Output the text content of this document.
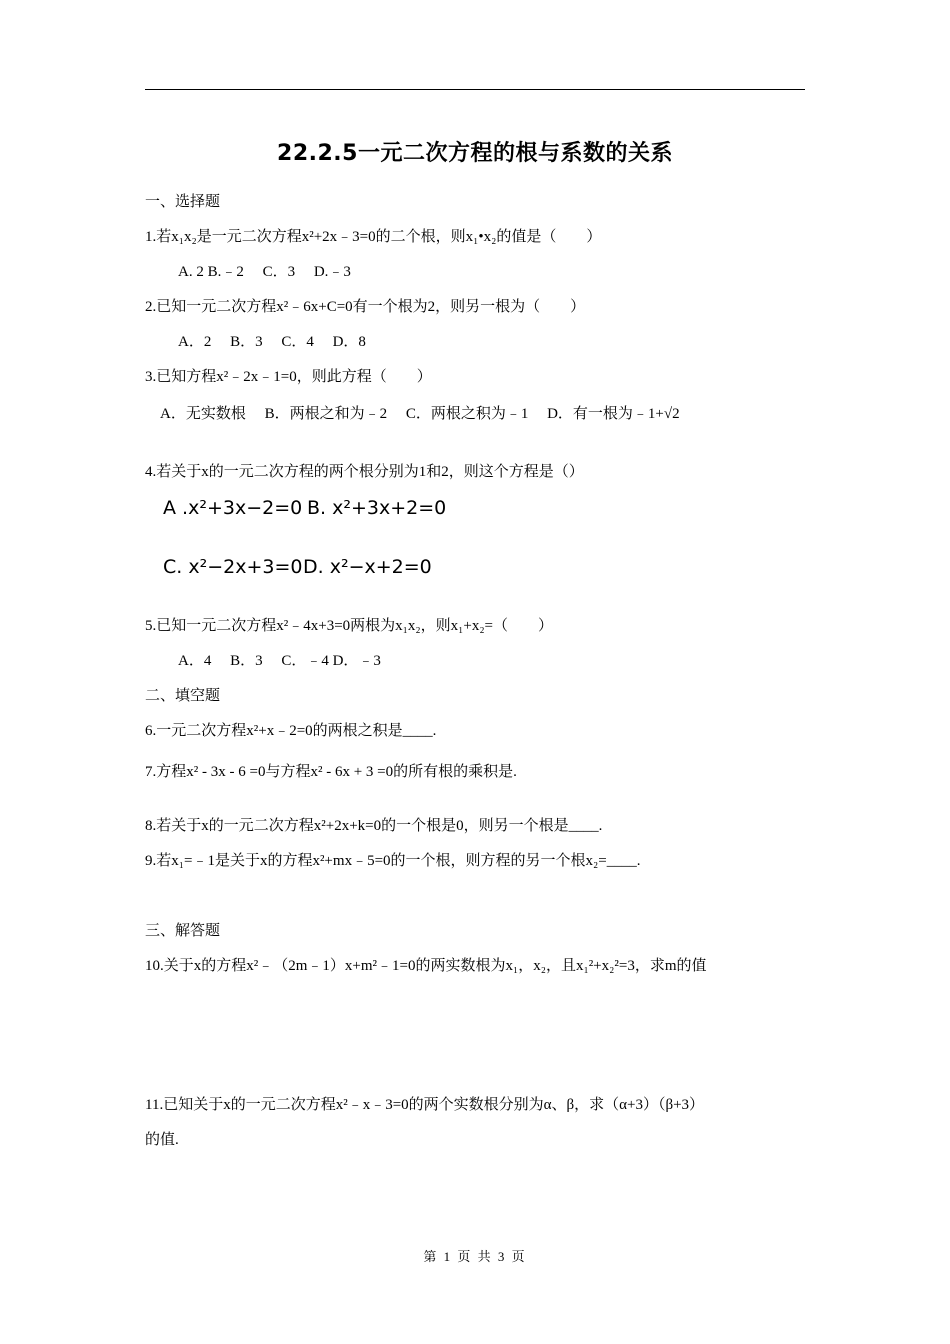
22.2.5一元二次方程的根与系数的关系
一、选择题
1.若x₁x₂是一元二次方程x²+2x﹣3=0的二个根，则x₁•x₂的值是（　　）
A. 2 B.﹣2　 C．3　 D.﹣3
2.已知一元二次方程x²﹣6x+C=0有一个根为2，则另一根为（　　）
A．2　 B．3　 C．4　 D．8
3.已知方程x²﹣2x﹣1=0，则此方程（　　）
A．无实数根　 B．两根之和为﹣2　 C．两根之积为﹣1　 D．有一根为﹣1+√2
4.若关于x的一元二次方程的两个根分别为1和2，则这个方程是（）
A .x²+3x−2=0 B. x²+3x+2=0
C. x²−2x+3=0 D. x²−x+2=0
5.已知一元二次方程x²﹣4x+3=0两根为x₁x₂，则x₁+x₂=（　　）
A．4　 B．3　 C．﹣4 D．﹣3
二、填空题
6.一元二次方程x²+x﹣2=0的两根之积是____.
7.方程x² - 3x - 6 =0与方程x² - 6x + 3 =0的所有根的乘积是.
8.若关于x的一元二次方程x²+2x+k=0的一个根是0，则另一个根是____.
9.若x₁=﹣1是关于x的方程x²+mx﹣5=0的一个根，则方程的另一个根x₂=____.
三、解答题
10.关于x的方程x²﹣（2m﹣1）x+m²﹣1=0的两实数根为x₁，x₂，且x₁²+x₂²=3，求m的值
11.已知关于x的一元二次方程x²﹣x﹣3=0的两个实数根分别为α、β，求（α+3）（β+3）
的值.
第 1 页 共 3 页
